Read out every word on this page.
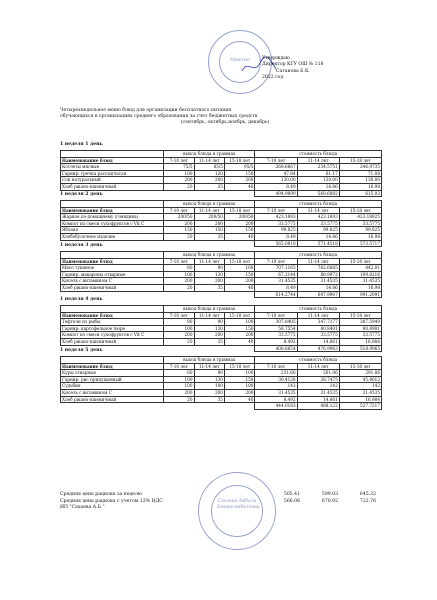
Мектеп	Утверждаю
Директор КГУ ОШ № 118
Сатанова Б.К.
2022 год
Четырехнедельное меню блюд для организации бесплатного питания
обучающихся в организациях среднего образования за счет бюджетных средств
(сентябрь, октябрь,ноябрь, декабрь)
1 неделя 1 день
	выход блюда в граммах			стоимость блюда		
Наименование блюд	7-10 лет	11-14 лет	15-18 лет	7-10 лет	11-14 лет	15-18 лет
Котлеты мясные	75/5	85/5	95/5	268.6667	254.5751	246.9735
Гарнир: гречка рассыпчатая	100	120	150	47.84	61.17	71.08
Сок натуральный	200	200	200	130.00	130.00	130.00
Хлеб ржано-пшеничный	20	35	40	8.49	14.86	16.98
				494.9899	560.6082	615.03
1 неделя 2 день
	выход блюда в граммах			стоимость блюда		
Наименование блюд	7-10 лет	11-14 лет	15-18 лет	7-10 лет	11-14 лет	15-18 лет
Жаркое по-домашнему (говядина)	200/50	200/50	200/50	423.1893	423.1893	423.18925
Компот из смеси сухофруктов с Vit C	200	200	200	33.5775	33.5775	33.5775
Яблоко	150	150	150	99.825	99.825	99.825
Хлебобулочное изделие	20	35	40	8.49	14.86	16.98
				565.0818	571.4518	573.5717
1 неделя 3 день
	выход блюда в граммах			стоимость блюда		
Наименование блюд	7-10 лет	11-14 лет	15-18 лет	7-10 лет	11-14 лет	15-18 лет
Мясо тушеное	80	90	100	707.1165	762.6885	842.01
Гарнир: макароны отварные	100	130	150	67.2144	88.9972	109.8216
Кисель с витамином С	200	200	200	31.4535	31.4535	31.4535
Хлеб ржано-пшеничный	20	35	40	8.49	14.86	16.98
				614.2744	697.9907	991.2091
1 неделя 4 день
	выход блюда в граммах			стоимость блюда		
Наименование блюд	7-10 лет	11-14 лет	15-18 лет	7-10 лет	11-14 лет	15-18 лет
Тефтели из рыбы	80	90	100	307.8405	347.7177	387.5949
Гарнир: картофельное пюре	100	130	150	58.7554	80.8401	80.8901
Компот из смеси сухофруктов с Vit C	200	200	200	33.5775	33.5775	33.5775
Хлеб ржано-пшеничный	20	35	40	8.492	14.861	16.984
				408.6654	476.9963	518.9965
1 неделя 5 день
	выход блюда в граммах			стоимость блюда		
Наименование блюд	7-10 лет	11-14 лет	15-18 лет	7-10 лет	11-14 лет	15-18 лет
Куры отварные	80	90	100	231.66	261.06	291.86
Гарнир: рис припущенный	100	130	150	30.4128	38.7475	45.4012
Судьбик	100	100	100	142	142	142
Кисель с витамином С	200	200	200	31.4535	31.4535	31.4535
Хлеб ржано-пшеничный	20	35	40	8.492	14.861	16.984
				444.0183	488.122	527.7217
Средняя цена рациона за неделю	505.41	599.03	645.32
Средняя цена рациона с учетом 12% НДС	566.06	670.92	722.76
ИП "Сахаева А.Б."
Сахаева Айбала Бекмаганбетовна
